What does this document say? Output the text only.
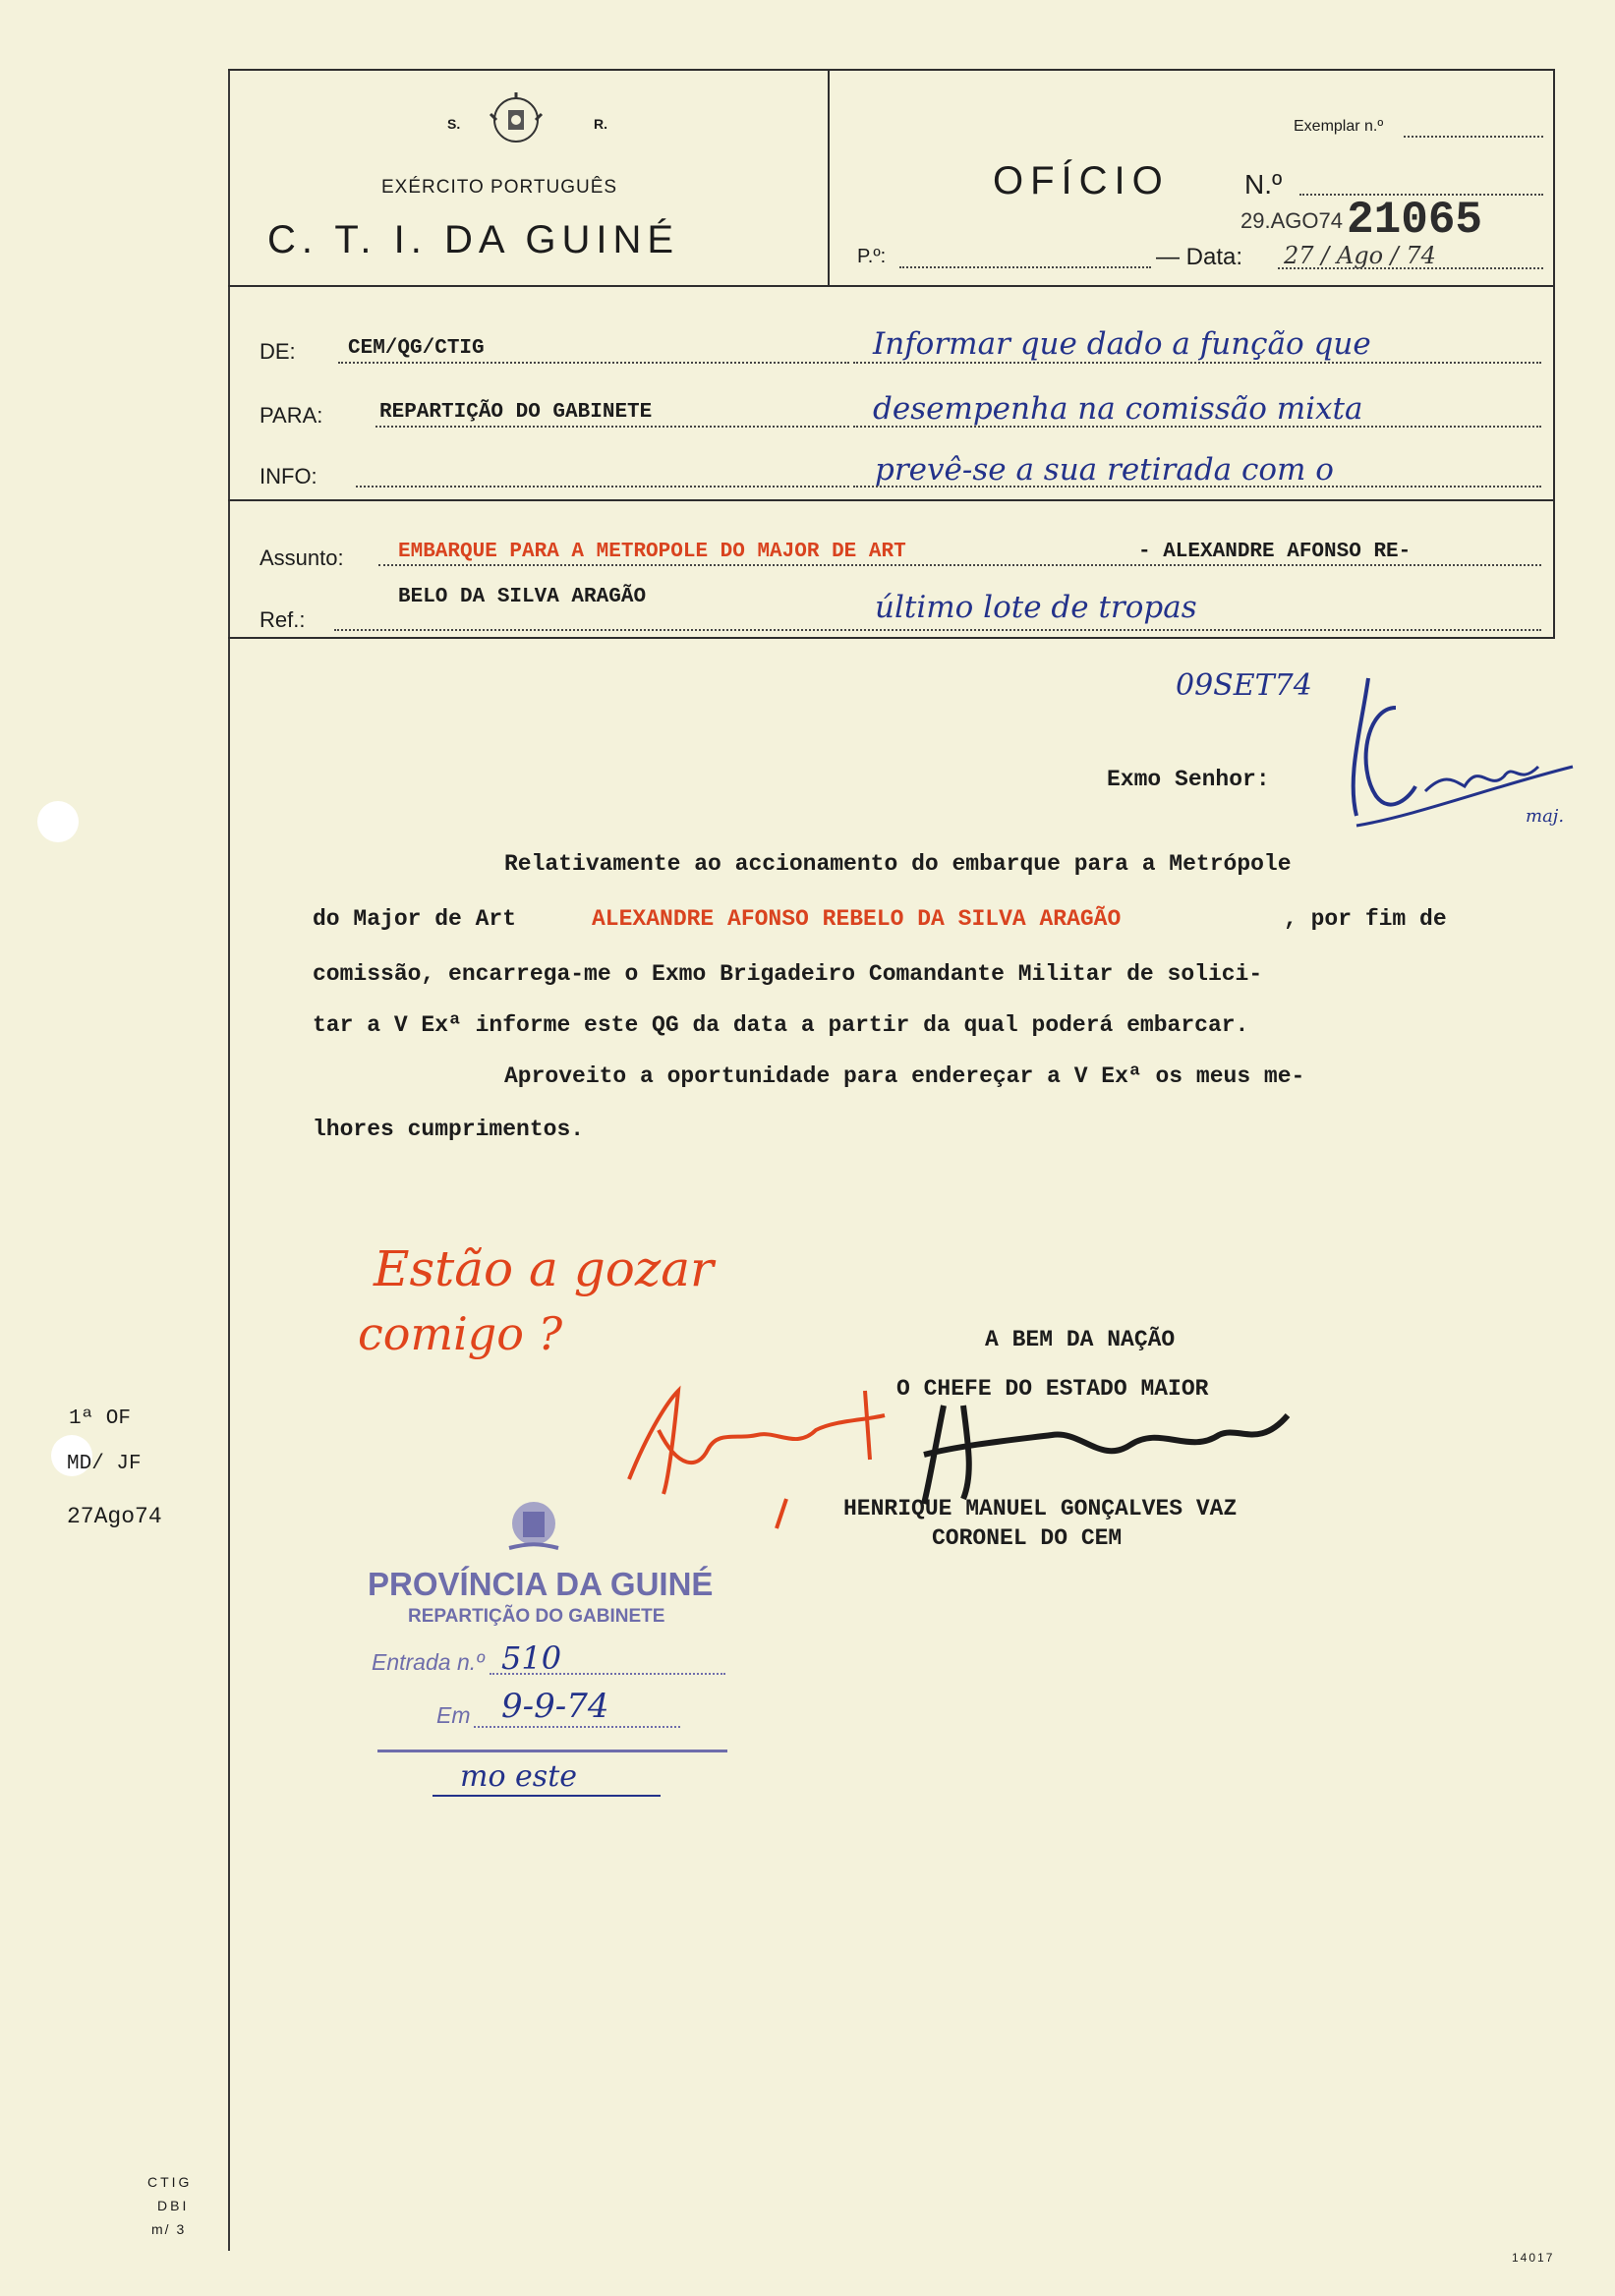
S.	R.
EXÉRCITO PORTUGUÊS
C. T. I. DA GUINÉ
Exemplar n.º
OFÍCIO	N.º
29.AGO74 21065
P.º:	— Data: 27 / Ago / 74
DE:	CEM/QG/CTIG
PARA:	REPARTIÇÃO DO GABINETE
INFO:
Informar que dado a função que
desempenha na comissão mixta
prevê-se a sua retirada com o
Assunto:	EMBARQUE PARA A METROPOLE DO MAJOR DE ART	- ALEXANDRE AFONSO RE-
BELO DA SILVA ARAGÃO
Ref.:	último lote de tropas
09SET74
maj.
Exmo Senhor:
Relativamente ao accionamento do embarque para a Metrópole
do Major de Art	ALEXANDRE AFONSO REBELO DA SILVA ARAGÃO	, por fim de
comissão, encarrega-me o Exmo Brigadeiro Comandante Militar de solici-
tar a V Exª informe este QG da data a partir da qual poderá embarcar.
Aproveito a oportunidade para endereçar a V Exª os meus me-
lhores cumprimentos.
Estão a gozar
comigo ?	A BEM DA NAÇÃO
O CHEFE DO ESTADO MAIOR
HENRIQUE MANUEL GONÇALVES VAZ
CORONEL DO CEM
1ª OF
MD/ JF
27Ago74
PROVÍNCIA DA GUINÉ
REPARTIÇÃO DO GABINETE
Entrada n.º 510
Em 9-9-74
mo este
CTIG
DBI
m/ 3
14017
